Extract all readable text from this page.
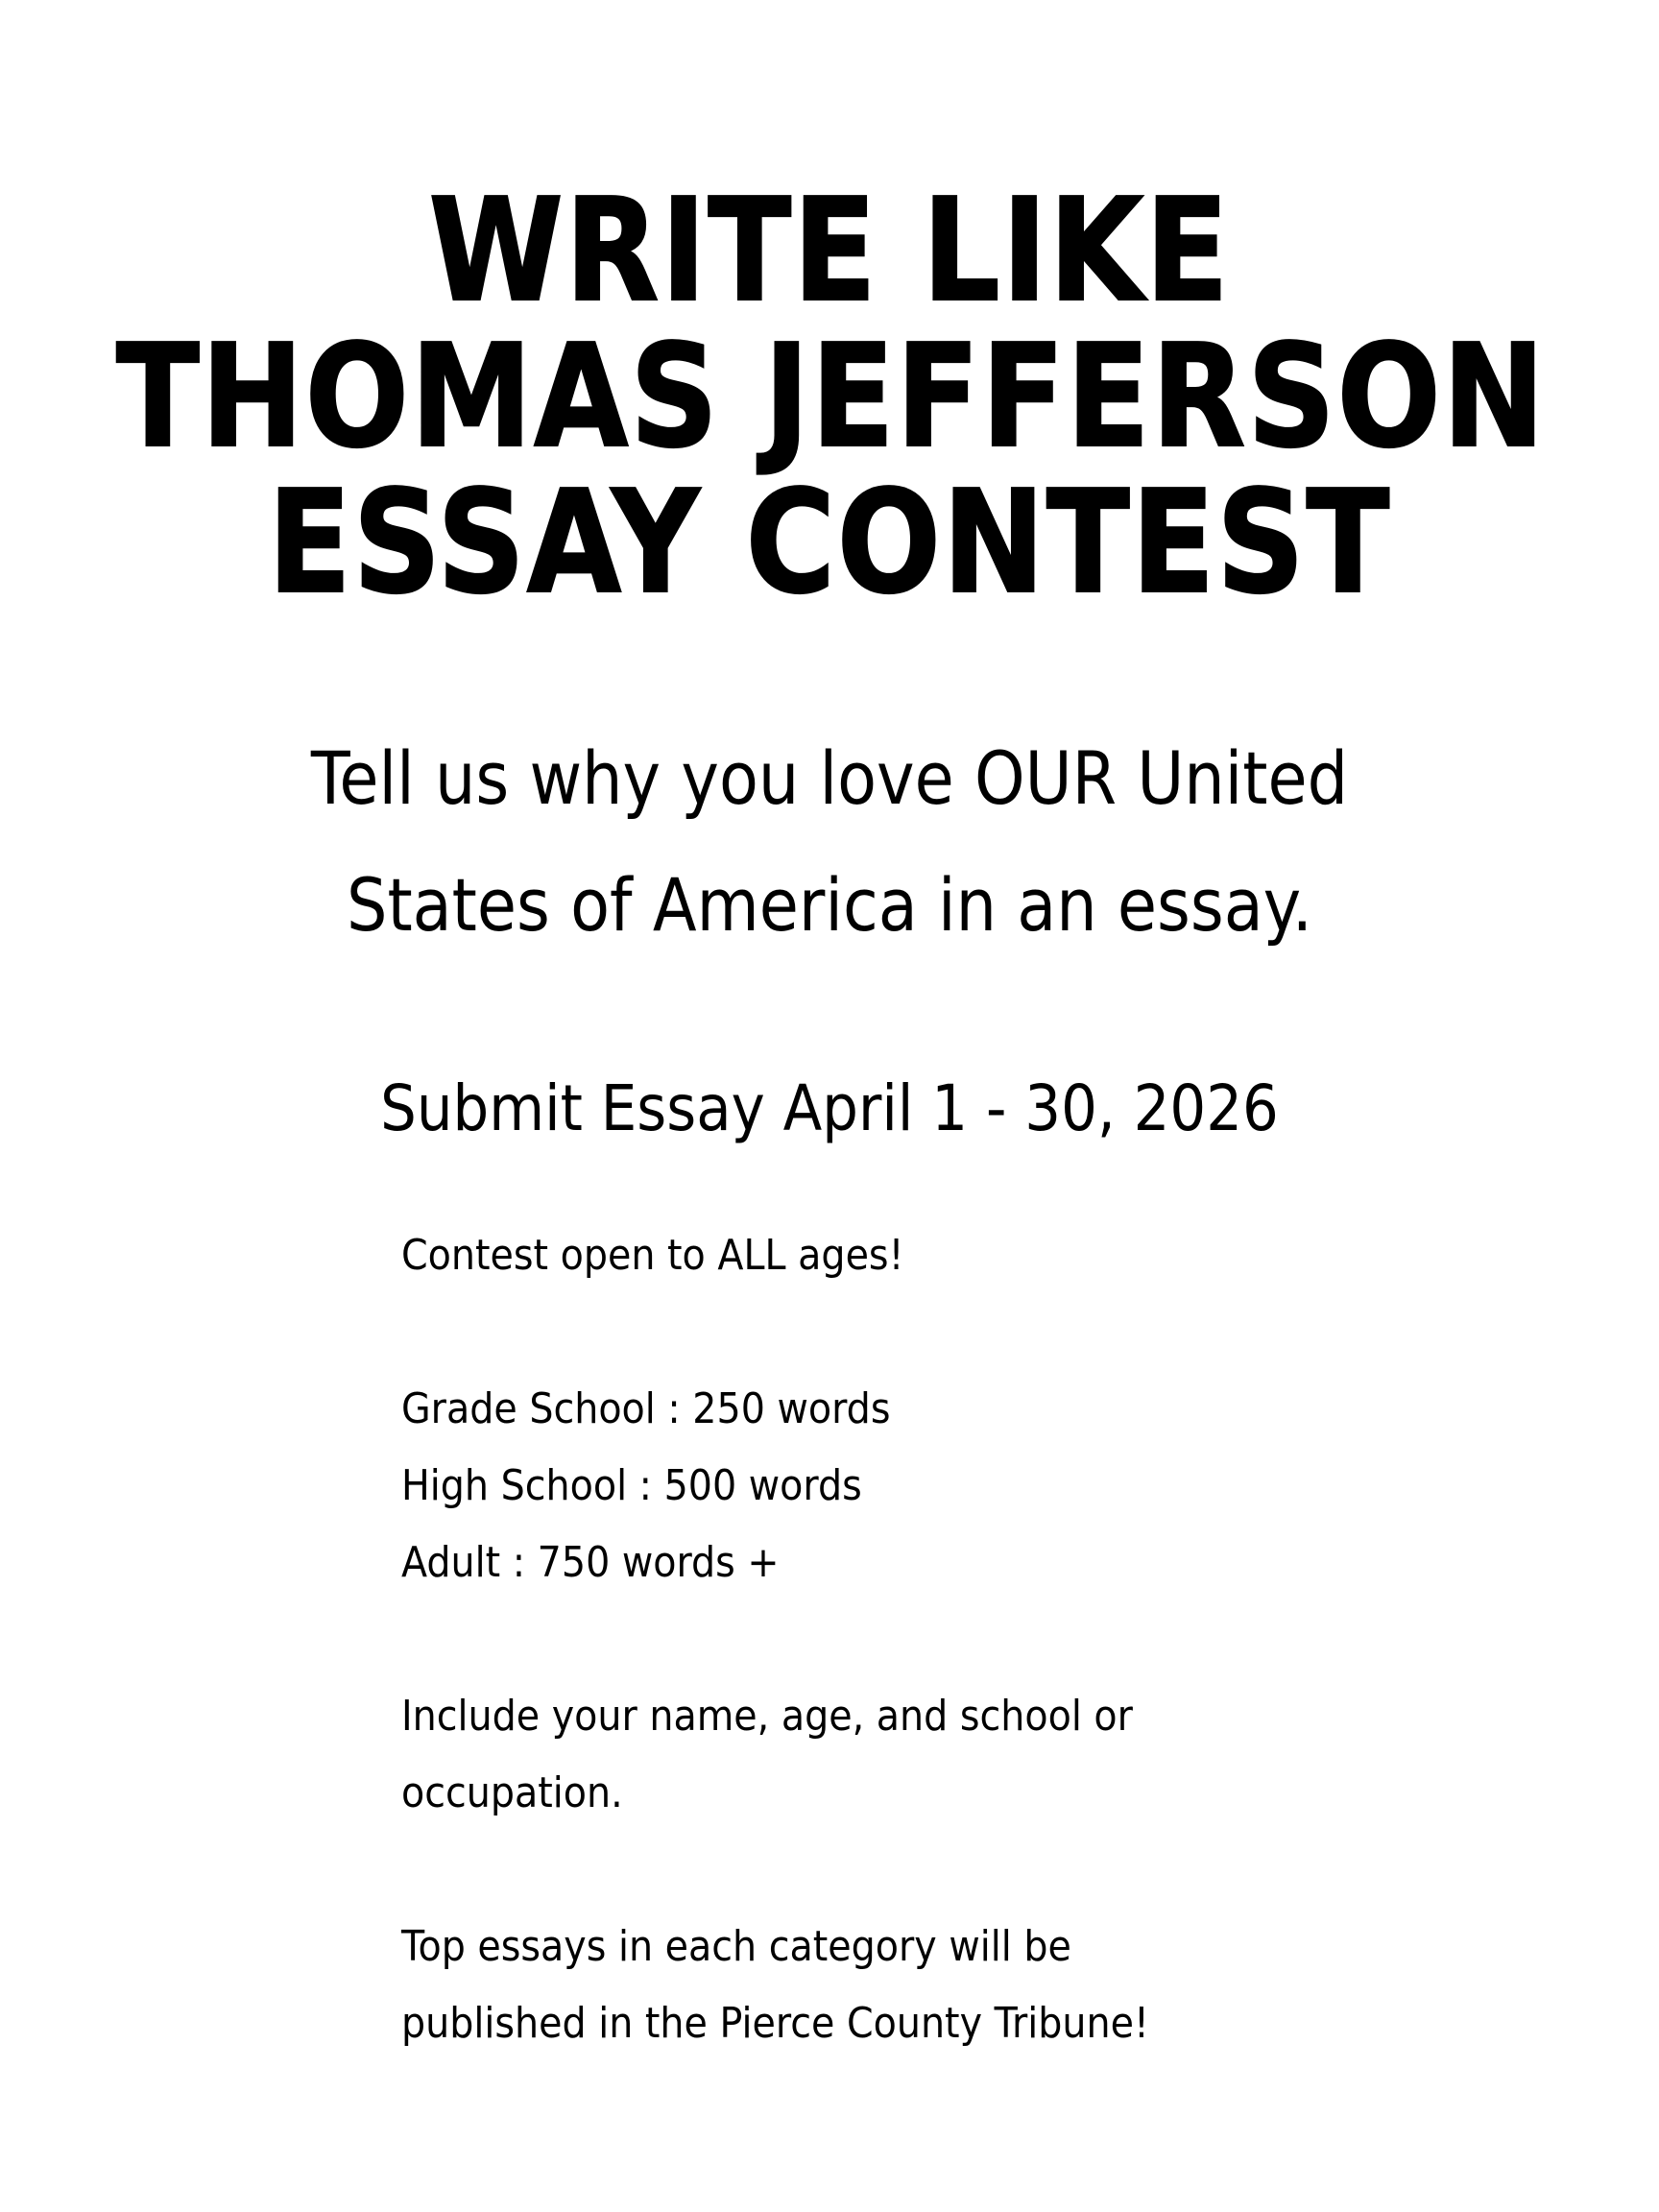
WRITE LIKE
THOMAS JEFFERSON
ESSAY CONTEST
Tell us why you love OUR United
States of America in an essay.
Submit Essay April 1 - 30, 2026

Contest open to ALL ages!

Grade School : 250 words

High School : 500 words

Adult : 750 words +

Include your name, age, and school or

occupation.

Top essays in each category will be

published in the Pierce County Tribune!
